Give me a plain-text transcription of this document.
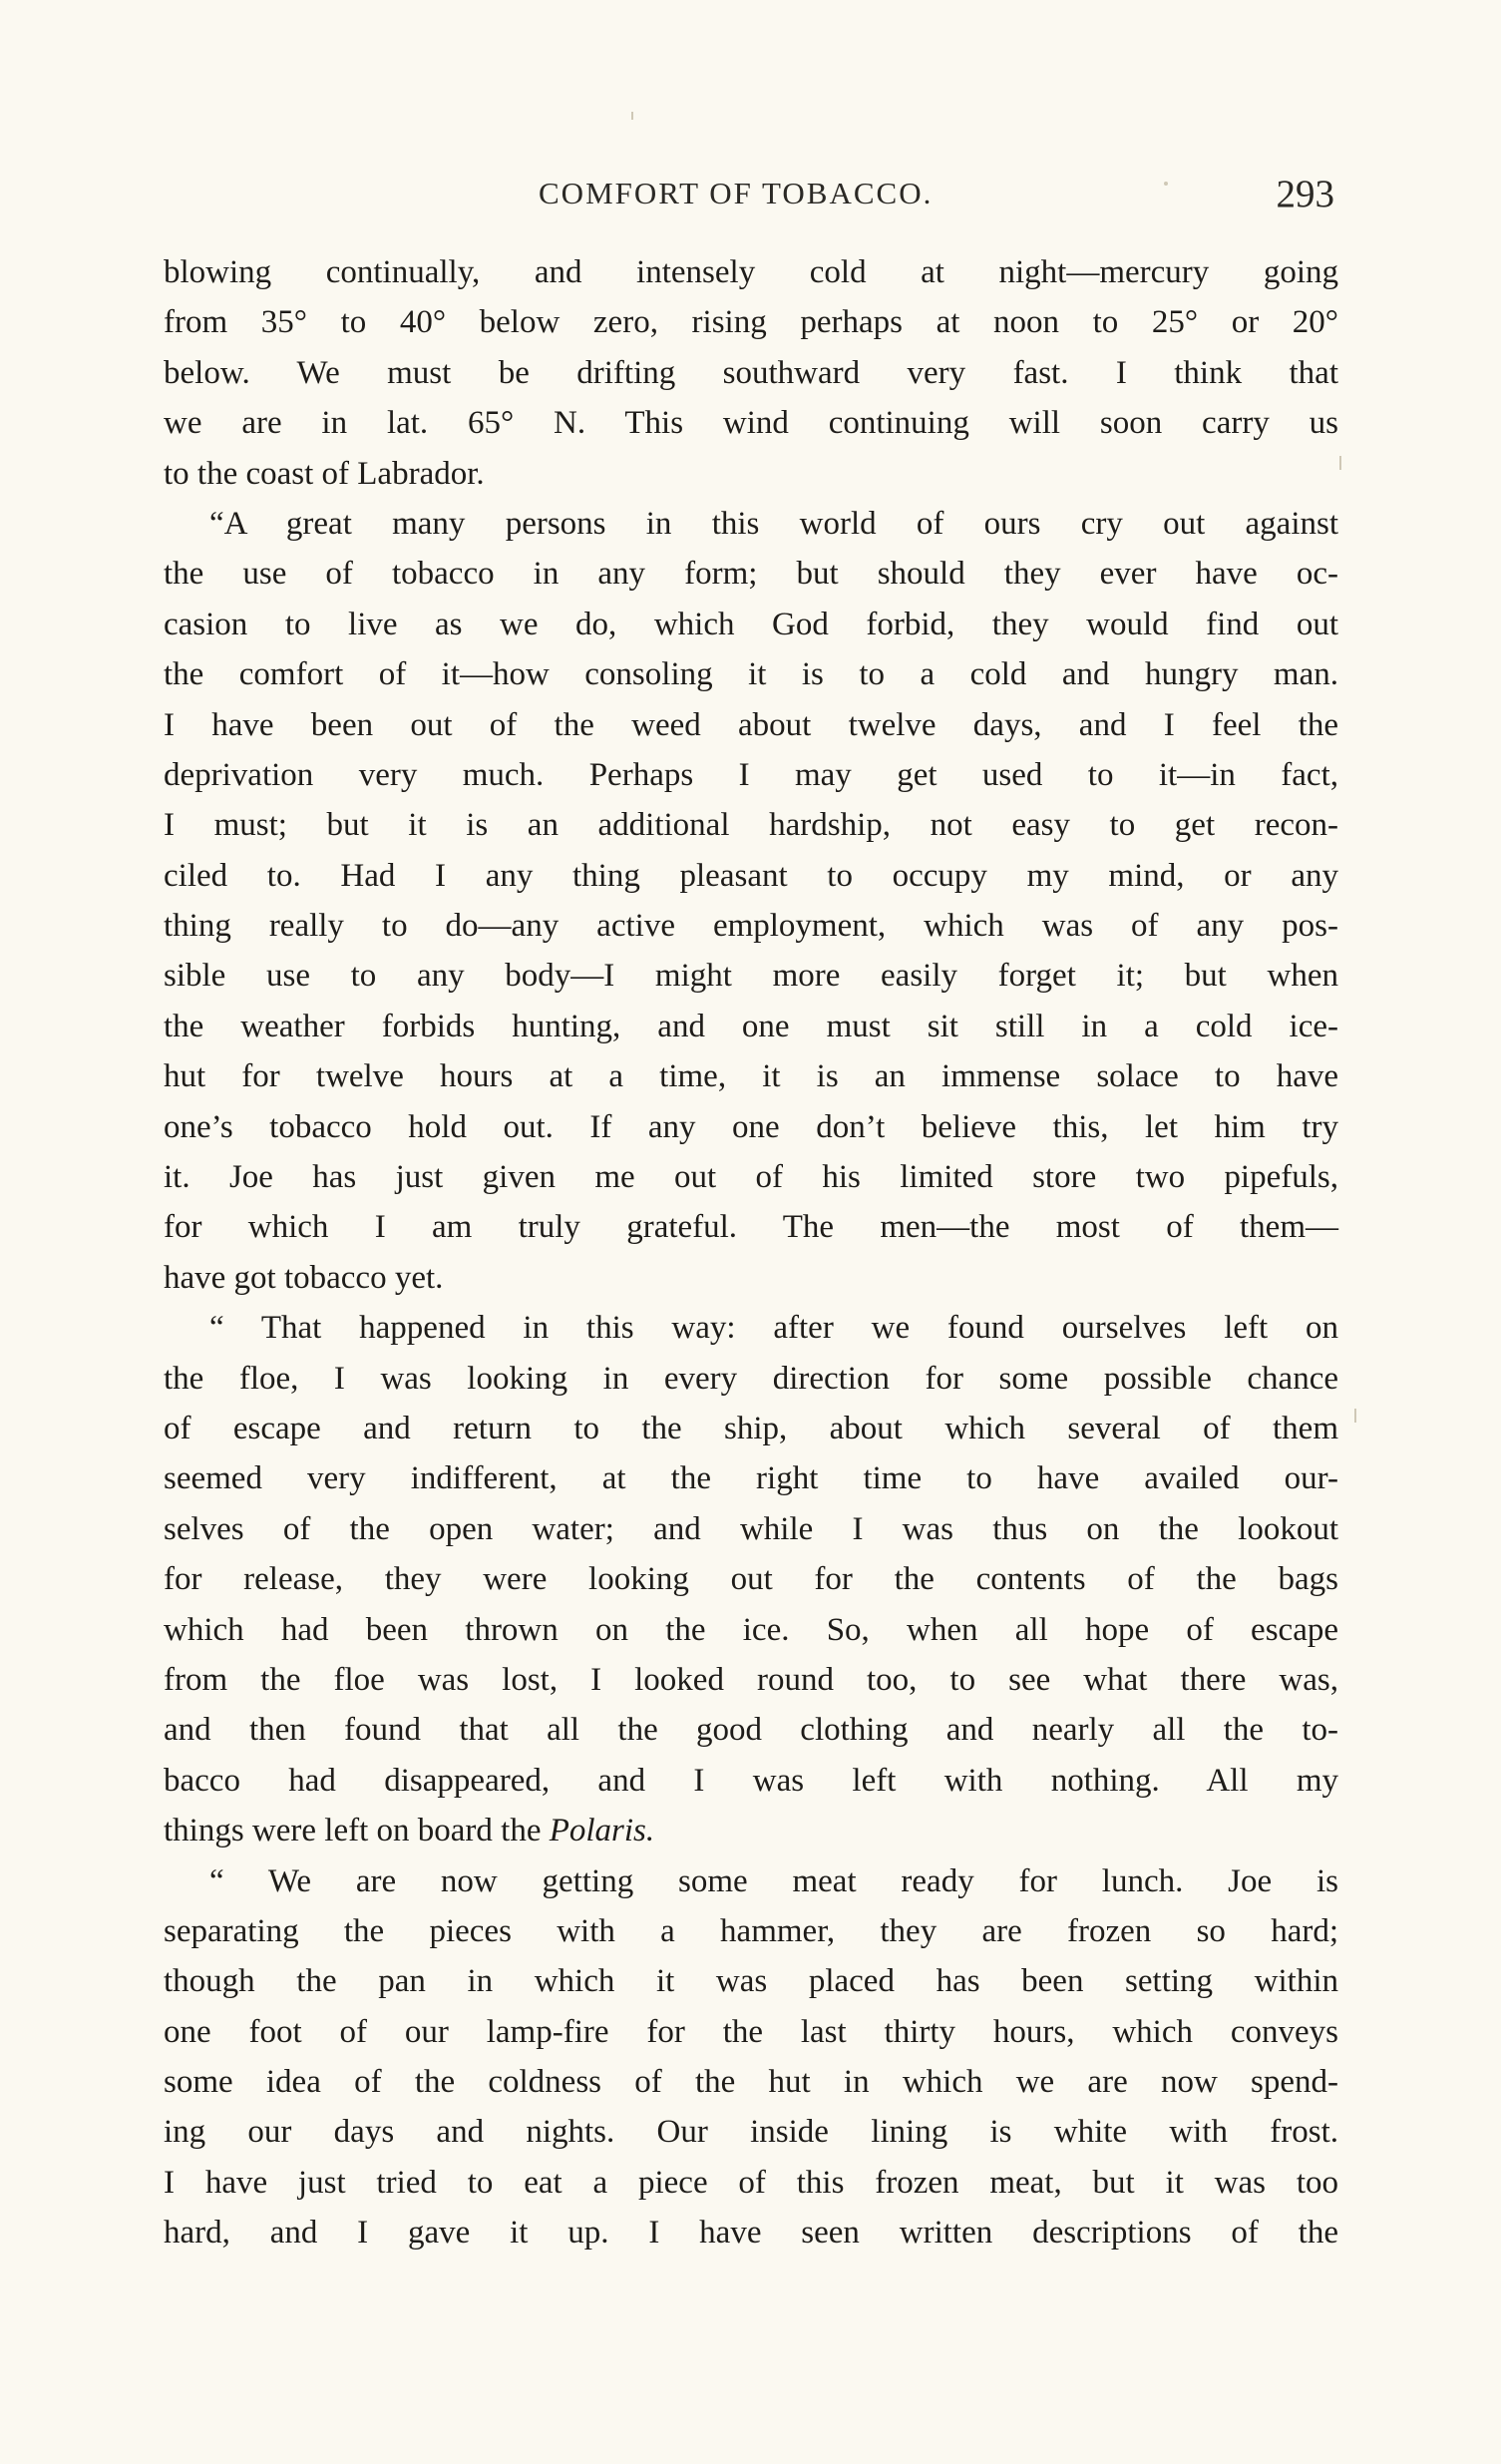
COMFORT OF TOBACCO.	293
blowing continually, and intensely cold at night—mercury going
from 35° to 40° below zero, rising perhaps at noon to 25° or 20°
below. We must be drifting southward very fast. I think that
we are in lat. 65° N. This wind continuing will soon carry us
to the coast of Labrador.
“A great many persons in this world of ours cry out against
the use of tobacco in any form; but should they ever have oc-
casion to live as we do, which God forbid, they would find out
the comfort of it—how consoling it is to a cold and hungry man.
I have been out of the weed about twelve days, and I feel the
deprivation very much. Perhaps I may get used to it—in fact,
I must; but it is an additional hardship, not easy to get recon-
ciled to. Had I any thing pleasant to occupy my mind, or any
thing really to do—any active employment, which was of any pos-
sible use to any body—I might more easily forget it; but when
the weather forbids hunting, and one must sit still in a cold ice-
hut for twelve hours at a time, it is an immense solace to have
one’s tobacco hold out. If any one don’t believe this, let him try
it. Joe has just given me out of his limited store two pipefuls,
for which I am truly grateful. The men—the most of them—
have got tobacco yet.
“ That happened in this way: after we found ourselves left on
the floe, I was looking in every direction for some possible chance
of escape and return to the ship, about which several of them
seemed very indifferent, at the right time to have availed our-
selves of the open water; and while I was thus on the lookout
for release, they were looking out for the contents of the bags
which had been thrown on the ice. So, when all hope of escape
from the floe was lost, I looked round too, to see what there was,
and then found that all the good clothing and nearly all the to-
bacco had disappeared, and I was left with nothing. All my
things were left on board the Polaris.
“ We are now getting some meat ready for lunch. Joe is
separating the pieces with a hammer, they are frozen so hard;
though the pan in which it was placed has been setting within
one foot of our lamp-fire for the last thirty hours, which conveys
some idea of the coldness of the hut in which we are now spend-
ing our days and nights. Our inside lining is white with frost.
I have just tried to eat a piece of this frozen meat, but it was too
hard, and I gave it up. I have seen written descriptions of the
